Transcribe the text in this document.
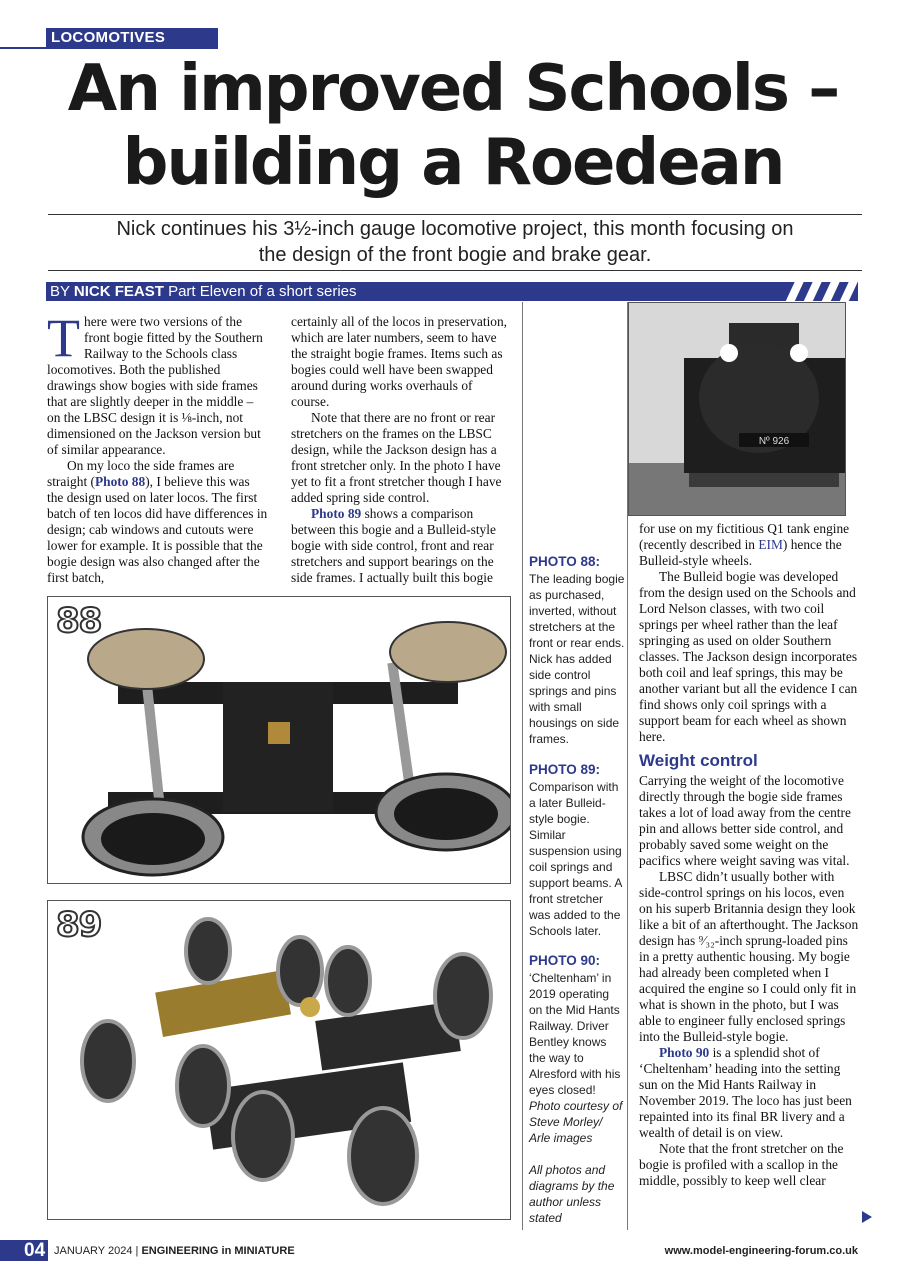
LOCOMOTIVES
An improved Schools –
building a Roedean
Nick continues his 3½-inch gauge locomotive project, this month focusing on
the design of the front bogie and brake gear.
BY NICK FEAST Part Eleven of a short series

There were two versions of the front bogie fitted by the Southern Railway to the Schools class locomotives. Both the published drawings show bogies with side frames that are slightly deeper in the middle – on the LBSC design it is ⅛-inch, not dimensioned on the Jackson version but of similar appearance.

On my loco the side frames are straight (Photo 88), I believe this was the design used on later locos. The first batch of ten locos did have differences in design; cab windows and cutouts were lower for example. It is possible that the bogie design was also changed after the first batch,

certainly all of the locos in preservation, which are later numbers, seem to have the straight bogie frames. Items such as bogies could well have been swapped around during works overhauls of course.

Note that there are no front or rear stretchers on the frames on the LBSC design, while the Jackson design has a front stretcher only. In the photo I have yet to fit a front stretcher though I have added spring side control.

Photo 89 shows a comparison between this bogie and a Bulleid-style bogie with side control, front and rear stretchers and support bearings on the side frames. I actually built this bogie

88
89
Nº 926
PHOTO 88:
The leading bogie as purchased, inverted, without stretchers at the front or rear ends. Nick has added side control springs and pins with small housings on side frames.
PHOTO 89:
Comparison with a later Bulleid-style bogie. Similar suspension using coil springs and support beams. A front stretcher was added to the Schools later.
PHOTO 90:
‘Cheltenham’ in 2019 operating on the Mid Hants Railway. Driver Bentley knows the way to Alresford with his eyes closed!
Photo courtesy of Steve Morley/ Arle images
All photos and diagrams by the author unless stated

for use on my fictitious Q1 tank engine (recently described in EIM) hence the Bulleid-style wheels.

The Bulleid bogie was developed from the design used on the Schools and Lord Nelson classes, with two coil springs per wheel rather than the leaf springing as used on older Southern classes. The Jackson design incorporates both coil and leaf springs, this may be another variant but all the evidence I can find shows only coil springs with a support beam for each wheel as shown here.

Weight control

Carrying the weight of the locomotive directly through the bogie side frames takes a lot of load away from the centre pin and allows better side control, and probably saved some weight on the pacifics where weight saving was vital.

LBSC didn’t usually bother with side-control springs on his locos, even on his superb Britannia design they look like a bit of an afterthought. The Jackson design has ⁹⁄₃₂-inch sprung-loaded pins in a pretty authentic housing. My bogie had already been completed when I acquired the engine so I could only fit in what is shown in the photo, but I was able to engineer fully enclosed springs into the Bulleid-style bogie.

Photo 90 is a splendid shot of ‘Cheltenham’ heading into the setting sun on the Mid Hants Railway in November 2019. The loco has just been repainted into its final BR livery and a wealth of detail is on view.

Note that the front stretcher on the bogie is profiled with a scallop in the middle, possibly to keep well clear

04 JANUARY 2024 | ENGINEERING in MINIATURE	www.model-engineering-forum.co.uk
